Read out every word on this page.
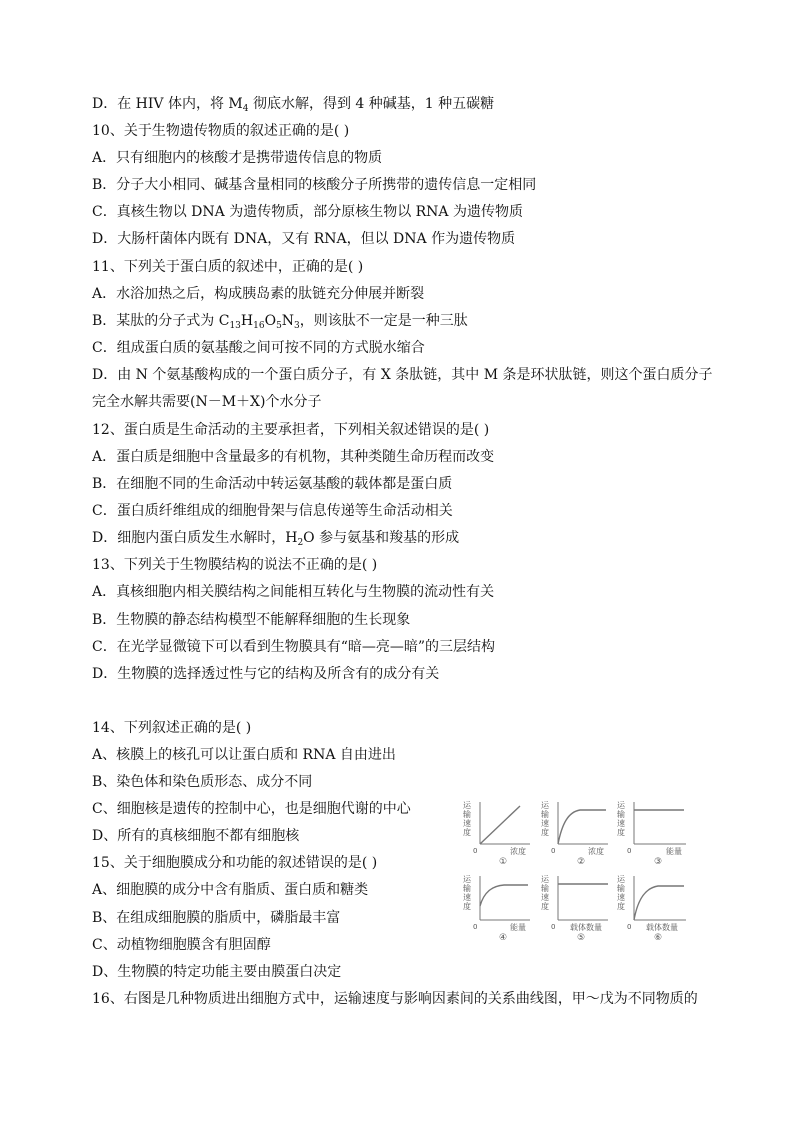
D．在 HIV 体内，将 $M_4$ 彻底水解，得到 4 种碱基，1 种五碳糖
10、关于生物遗传物质的叙述正确的是( )
A．只有细胞内的核酸才是携带遗传信息的物质
B．分子大小相同、碱基含量相同的核酸分子所携带的遗传信息一定相同
C．真核生物以 DNA 为遗传物质，部分原核生物以 RNA 为遗传物质
D．大肠杆菌体内既有 DNA，又有 RNA，但以 DNA 作为遗传物质
11、下列关于蛋白质的叙述中，正确的是( )
A．水浴加热之后，构成胰岛素的肽链充分伸展并断裂
B．某肽的分子式为 $C_{13}H_{16}O_5N_3$，则该肽不一定是一种三肽
C．组成蛋白质的氨基酸之间可按不同的方式脱水缩合
D．由 N 个氨基酸构成的一个蛋白质分子，有 X 条肽链，其中 M 条是环状肽链，则这个蛋白质分子
完全水解共需要(N－M＋X)个水分子
12、蛋白质是生命活动的主要承担者，下列相关叙述错误的是( )
A．蛋白质是细胞中含量最多的有机物，其种类随生命历程而改变
B．在细胞不同的生命活动中转运氨基酸的载体都是蛋白质
C．蛋白质纤维组成的细胞骨架与信息传递等生命活动相关
D．细胞内蛋白质发生水解时，$H_2O$ 参与氨基和羧基的形成
13、下列关于生物膜结构的说法不正确的是( )
A．真核细胞内相关膜结构之间能相互转化与生物膜的流动性有关
B．生物膜的静态结构模型不能解释细胞的生长现象
C．在光学显微镜下可以看到生物膜具有“暗—亮—暗”的三层结构
D．生物膜的选择透过性与它的结构及所含有的成分有关
14、下列叙述正确的是( )
A、核膜上的核孔可以让蛋白质和 RNA 自由进出
B、染色体和染色质形态、成分不同
C、细胞核是遗传的控制中心，也是细胞代谢的中心
D、所有的真核细胞不都有细胞核
15、关于细胞膜成分和功能的叙述错误的是( )
A、细胞膜的成分中含有脂质、蛋白质和糖类
B、在组成细胞膜的脂质中，磷脂最丰富
C、动植物细胞膜含有胆固醇
D、生物膜的特定功能主要由膜蛋白决定
16、右图是几种物质进出细胞方式中，运输速度与影响因素间的关系曲线图，甲～戊为不同物质的
运
输
速
度
0	浓度
①
运
输
速
度
0	浓度
②
运
输
速
度
0	能量
③
运
输
速
度
0	能量
④
运
输
速
度
0 载体数量
⑤
运
输
速
度
0 载体数量
⑥
